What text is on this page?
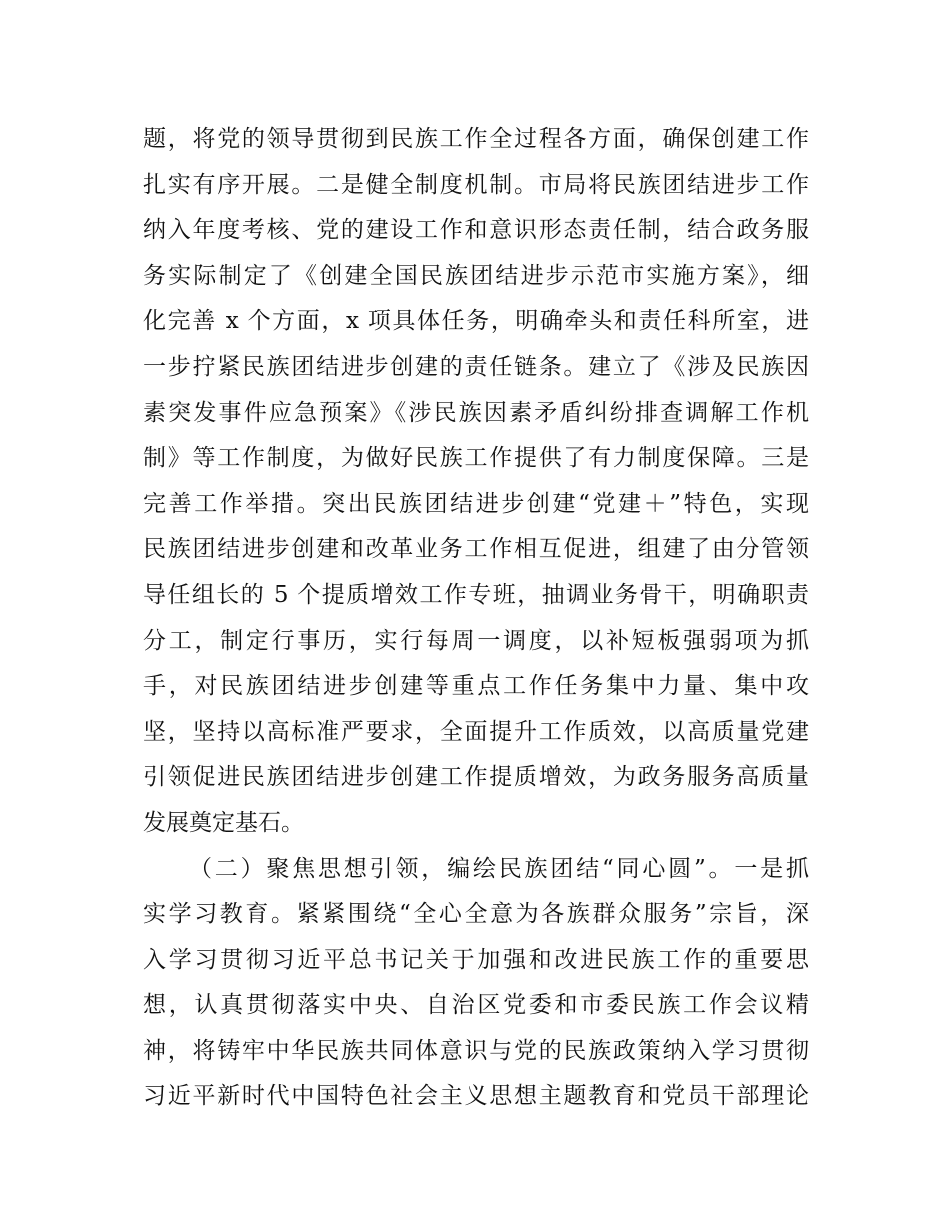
题，将党的领导贯彻到民族工作全过程各方面，确保创建工作
扎实有序开展。二是健全制度机制。市局将民族团结进步工作
纳入年度考核、党的建设工作和意识形态责任制，结合政务服
务实际制定了《创建全国民族团结进步示范市实施方案》，细
化完善 x 个方面，x 项具体任务，明确牵头和责任科所室，进
一步拧紧民族团结进步创建的责任链条。建立了《涉及民族因
素突发事件应急预案》《涉民族因素矛盾纠纷排查调解工作机
制》等工作制度，为做好民族工作提供了有力制度保障。三是
完善工作举措。突出民族团结进步创建“党建＋”特色，实现
民族团结进步创建和改革业务工作相互促进，组建了由分管领
导任组长的 5 个提质增效工作专班，抽调业务骨干，明确职责
分工，制定行事历，实行每周一调度，以补短板强弱项为抓
手，对民族团结进步创建等重点工作任务集中力量、集中攻
坚，坚持以高标准严要求，全面提升工作质效，以高质量党建
引领促进民族团结进步创建工作提质增效，为政务服务高质量
发展奠定基石。
（二）聚焦思想引领，编绘民族团结“同心圆”。一是抓
实学习教育。紧紧围绕“全心全意为各族群众服务”宗旨，深
入学习贯彻习近平总书记关于加强和改进民族工作的重要思
想，认真贯彻落实中央、自治区党委和市委民族工作会议精
神，将铸牢中华民族共同体意识与党的民族政策纳入学习贯彻
习近平新时代中国特色社会主义思想主题教育和党员干部理论
